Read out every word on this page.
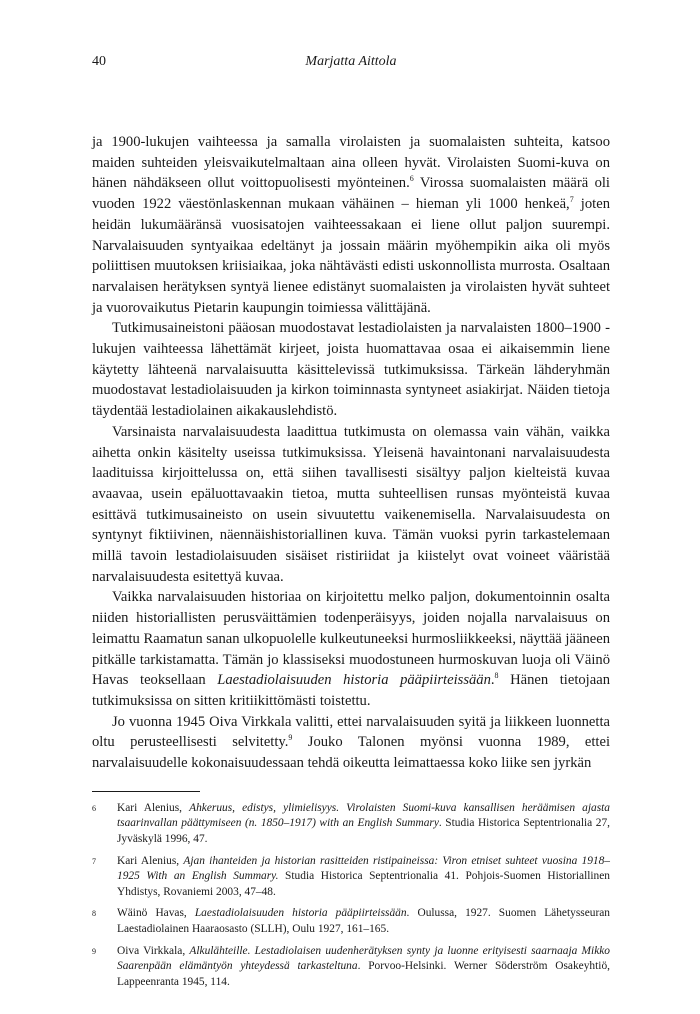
40	Marjatta Aittola

ja 1900-lukujen vaihteessa ja samalla virolaisten ja suomalaisten suhteita, katsoo maiden suhteiden yleisvaikutelmaltaan aina olleen hyvät. Virolaisten Suomi-kuva on hänen nähdäkseen ollut voittopuolisesti myönteinen.$^6$ Virossa suomalaisten määrä oli vuoden 1922 väestönlaskennan mukaan vähäinen – hieman yli 1000 henkeä,$^7$ joten heidän lukumääränsä vuosisatojen vaihteessakaan ei liene ollut paljon suurempi. Narvalaisuuden syntyaikaa edeltänyt ja jossain määrin myöhempikin aika oli myös poliittisen muutoksen kriisiaikaa, joka nähtävästi edisti uskonnollista murrosta. Osaltaan narvalaisen herätyksen syntyä lienee edistänyt suomalaisten ja virolaisten hyvät suhteet ja vuorovaikutus Pietarin kaupungin toimiessa välittäjänä.

Tutkimusaineistoni pääosan muodostavat lestadiolaisten ja narvalaisten 1800–1900 -lukujen vaihteessa lähettämät kirjeet, joista huomattavaa osaa ei aikaisemmin liene käytetty lähteenä narvalaisuutta käsittelevissä tutkimuksissa. Tärkeän lähderyhmän muodostavat lestadiolaisuuden ja kirkon toiminnasta syntyneet asiakirjat. Näiden tietoja täydentää lestadiolainen aikakauslehdistö.

Varsinaista narvalaisuudesta laadittua tutkimusta on olemassa vain vähän, vaikka aihetta onkin käsitelty useissa tutkimuksissa. Yleisenä havaintonani narvalaisuudesta laadituissa kirjoittelussa on, että siihen tavallisesti sisältyy paljon kielteistä kuvaa avaavaa, usein epäluottavaakin tietoa, mutta suhteellisen runsas myönteistä kuvaa esittävä tutkimusaineisto on usein sivuutettu vaikenemisella. Narvalaisuudesta on syntynyt fiktiivinen, näennäishistoriallinen kuva. Tämän vuoksi pyrin tarkastelemaan millä tavoin lestadiolaisuuden sisäiset ristiriidat ja kiistelyt ovat voineet vääristää narvalaisuudesta esitettyä kuvaa.

Vaikka narvalaisuuden historiaa on kirjoitettu melko paljon, dokumentoinnin osalta niiden historiallisten perusväittämien todenperäisyys, joiden nojalla narvalaisuus on leimattu Raamatun sanan ulkopuolelle kulkeutuneeksi hurmosliikkeeksi, näyttää jääneen pitkälle tarkistamatta. Tämän jo klassiseksi muodostuneen hurmoskuvan luoja oli Väinö Havas teoksellaan Laestadiolaisuuden historia pääpiirteissään.$^8$ Hänen tietojaan tutkimuksissa on sitten kritiikittömästi toistettu.

Jo vuonna 1945 Oiva Virkkala valitti, ettei narvalaisuuden syitä ja liikkeen luonnetta oltu perusteellisesti selvitetty.$^9$ Jouko Talonen myönsi vuonna 1989, ettei narvalaisuudelle kokonaisuudessaan tehdä oikeutta leimattaessa koko liike sen jyrkän

6 Kari Alenius, Ahkeruus, edistys, ylimielisyys. Virolaisten Suomi-kuva kansallisen heräämisen ajasta tsaarinvallan päättymiseen (n. 1850–1917) with an English Summary. Studia Historica Septentrionalia 27, Jyväskylä 1996, 47.
7 Kari Alenius, Ajan ihanteiden ja historian rasitteiden ristipaineissa: Viron etniset suhteet vuosina 1918–1925 With an English Summary. Studia Historica Septentrionalia 41. Pohjois-Suomen Historiallinen Yhdistys, Rovaniemi 2003, 47–48.
8 Wäinö Havas, Laestadiolaisuuden historia pääpiirteissään. Oulussa, 1927. Suomen Lähetysseuran Laestadiolainen Haaraosasto (SLLH), Oulu 1927, 161–165.
9 Oiva Virkkala, Alkulähteille. Lestadiolaisen uudenherätyksen synty ja luonne erityisesti saarnaaja Mikko Saarenpään elämäntyön yhteydessä tarkasteltuna. Porvoo-Helsinki. Werner Söderström Osakeyhtiö, Lappeenranta 1945, 114.
